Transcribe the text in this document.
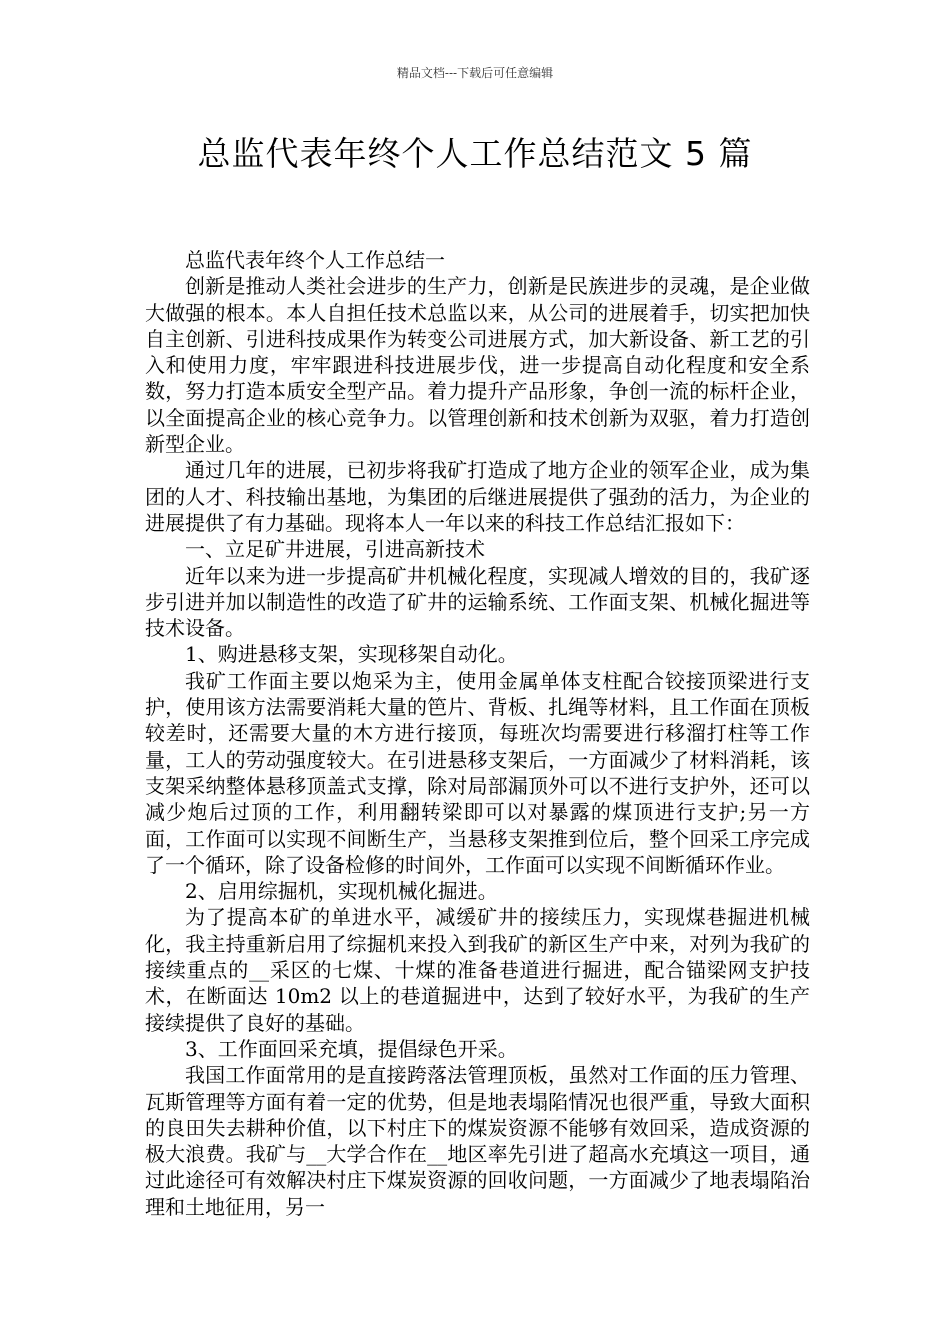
精品文档---下载后可任意编辑
总监代表年终个人工作总结范文 5 篇

总监代表年终个人工作总结一

创新是推动人类社会进步的生产力，创新是民族进步的灵魂，是企业做大做强的根本。本人自担任技术总监以来，从公司的进展着手，切实把加快自主创新、引进科技成果作为转变公司进展方式，加大新设备、新工艺的引入和使用力度，牢牢跟进科技进展步伐，进一步提高自动化程度和安全系数，努力打造本质安全型产品。着力提升产品形象，争创一流的标杆企业，以全面提高企业的核心竞争力。以管理创新和技术创新为双驱，着力打造创新型企业。

通过几年的进展，已初步将我矿打造成了地方企业的领军企业，成为集团的人才、科技输出基地，为集团的后继进展提供了强劲的活力，为企业的进展提供了有力基础。现将本人一年以来的科技工作总结汇报如下：

一、立足矿井进展，引进高新技术

近年以来为进一步提高矿井机械化程度，实现减人增效的目的，我矿逐步引进并加以制造性的改造了矿井的运输系统、工作面支架、机械化掘进等技术设备。

1、购进悬移支架，实现移架自动化。

我矿工作面主要以炮采为主，使用金属单体支柱配合铰接顶梁进行支护，使用该方法需要消耗大量的笆片、背板、扎绳等材料，且工作面在顶板较差时，还需要大量的木方进行接顶，每班次均需要进行移溜打柱等工作量，工人的劳动强度较大。在引进悬移支架后，一方面减少了材料消耗，该支架采纳整体悬移顶盖式支撑，除对局部漏顶外可以不进行支护外，还可以减少炮后过顶的工作，利用翻转梁即可以对暴露的煤顶进行支护;另一方面，工作面可以实现不间断生产，当悬移支架推到位后，整个回采工序完成了一个循环，除了设备检修的时间外，工作面可以实现不间断循环作业。

2、启用综掘机，实现机械化掘进。

为了提高本矿的单进水平，减缓矿井的接续压力，实现煤巷掘进机械化，我主持重新启用了综掘机来投入到我矿的新区生产中来，对列为我矿的接续重点的__采区的七煤、十煤的准备巷道进行掘进，配合锚梁网支护技术，在断面达 10m2 以上的巷道掘进中，达到了较好水平，为我矿的生产接续提供了良好的基础。

3、工作面回采充填，提倡绿色开采。

我国工作面常用的是直接跨落法管理顶板，虽然对工作面的压力管理、瓦斯管理等方面有着一定的优势，但是地表塌陷情况也很严重，导致大面积的良田失去耕种价值，以下村庄下的煤炭资源不能够有效回采，造成资源的极大浪费。我矿与__大学合作在__地区率先引进了超高水充填这一项目，通过此途径可有效解决村庄下煤炭资源的回收问题，一方面减少了地表塌陷治理和土地征用，另一
